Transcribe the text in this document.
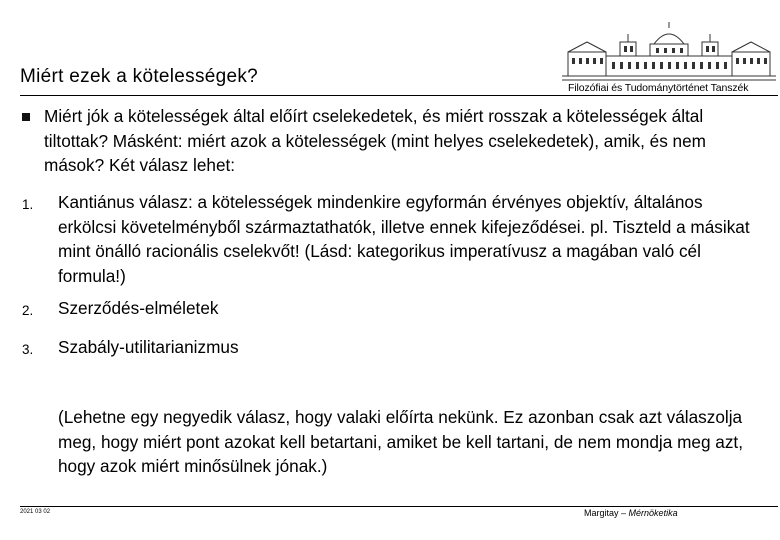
Filozófiai és Tudománytörténet Tanszék
Miért ezek a kötelességek?
Miért jók a kötelességek által előírt cselekedetek, és miért rosszak a kötelességek által tiltottak? Másként: miért azok a kötelességek (mint helyes cselekedetek), amik, és nem mások? Két válasz lehet:
1. Kantiánus válasz: a kötelességek mindenkire egyformán érvényes objektív, általános erkölcsi követelményből származtathatók, illetve ennek kifejeződései. pl. Tiszteld a másikat mint önálló racionális cselekvőt! (Lásd: kategorikus imperatívusz a magában való cél formula!)
2. Szerződés-elméletek
3. Szabály-utilitarianizmus
(Lehetne egy negyedik válasz, hogy valaki előírta nekünk. Ez azonban csak azt válaszolja meg, hogy miért pont azokat kell betartani, amiket be kell tartani, de nem mondja meg azt, hogy azok miért minősülnek jónak.)
2021 03 02	Margitay – Mérnöketika
